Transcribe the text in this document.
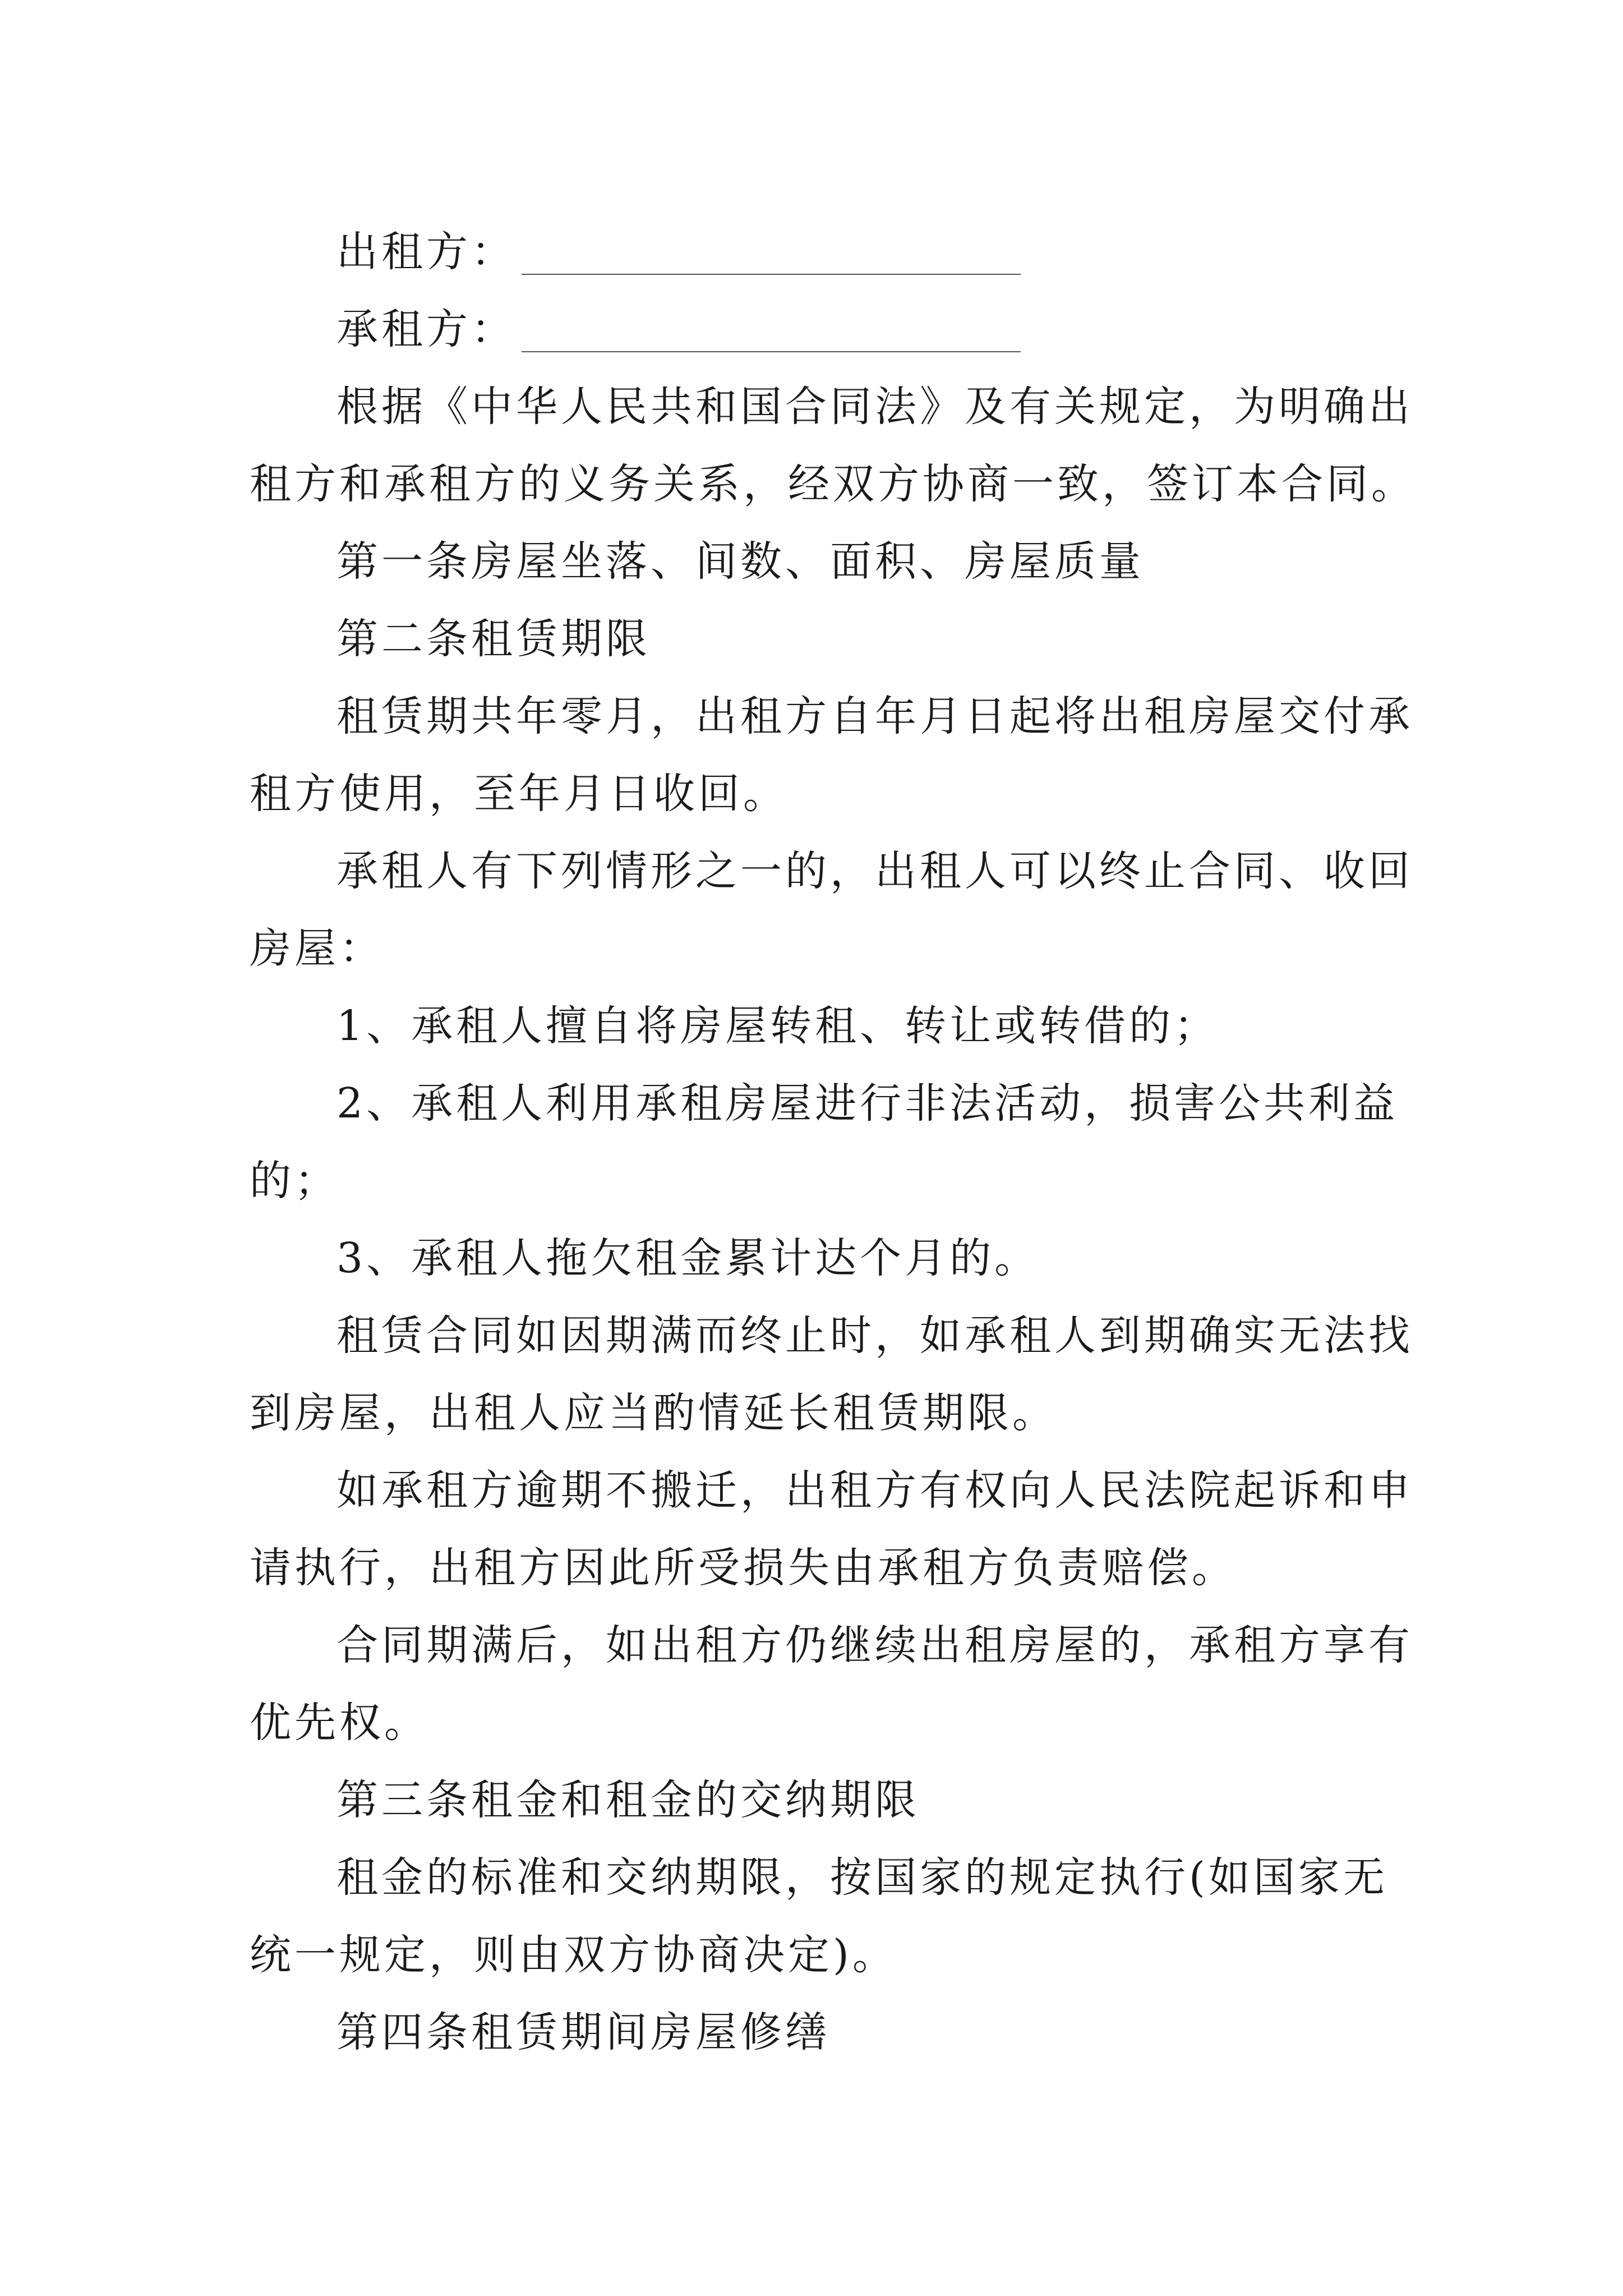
出租方：
承租方：
根据《中华人民共和国合同法》及有关规定，为明确出
租方和承租方的义务关系，经双方协商一致，签订本合同。
第一条房屋坐落、间数、面积、房屋质量
第二条租赁期限
租赁期共年零月，出租方自年月日起将出租房屋交付承
租方使用，至年月日收回。
承租人有下列情形之一的，出租人可以终止合同、收回
房屋：
1、承租人擅自将房屋转租、转让或转借的；
2、承租人利用承租房屋进行非法活动，损害公共利益
的；
3、承租人拖欠租金累计达个月的。
租赁合同如因期满而终止时，如承租人到期确实无法找
到房屋，出租人应当酌情延长租赁期限。
如承租方逾期不搬迁，出租方有权向人民法院起诉和申
请执行，出租方因此所受损失由承租方负责赔偿。
合同期满后，如出租方仍继续出租房屋的，承租方享有
优先权。
第三条租金和租金的交纳期限
租金的标准和交纳期限，按国家的规定执行(如国家无
统一规定，则由双方协商决定)。
第四条租赁期间房屋修缮
